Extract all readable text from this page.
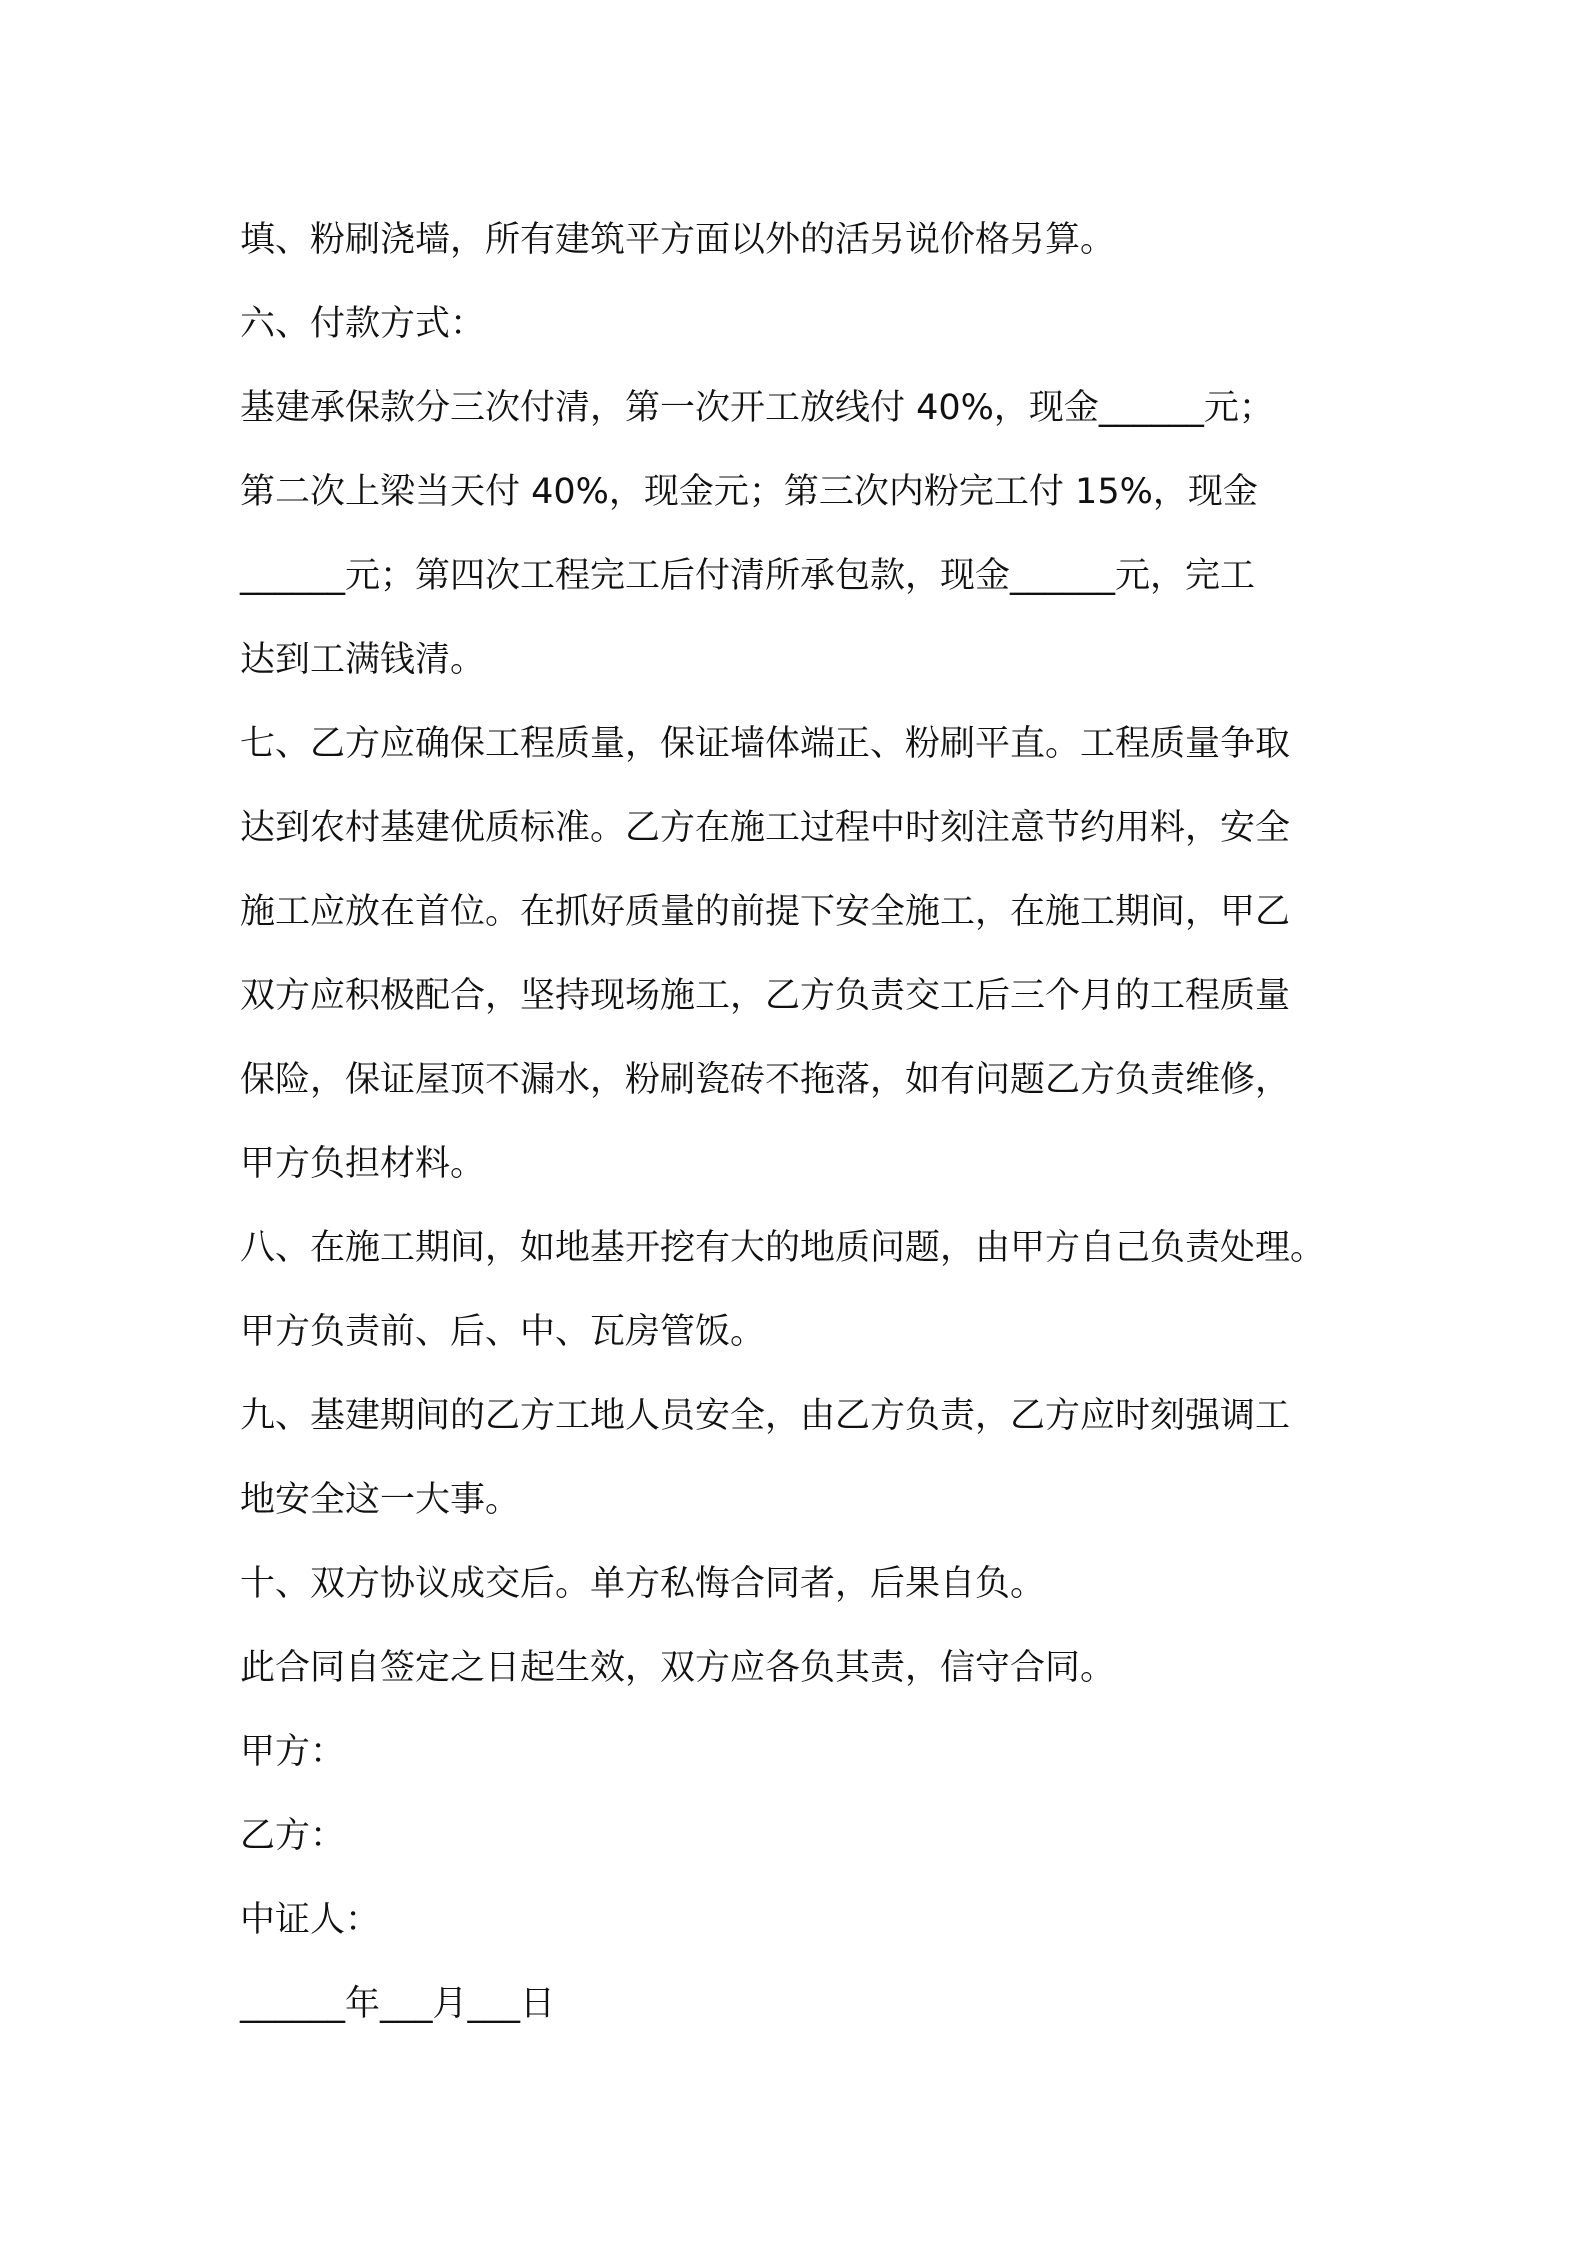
填、粉刷浇墙，所有建筑平方面以外的活另说价格另算。

六、付款方式：

基建承保款分三次付清，第一次开工放线付 40%，现金______元；

第二次上梁当天付 40%，现金元；第三次内粉完工付 15%，现金

______元；第四次工程完工后付清所承包款，现金______元，完工

达到工满钱清。

七、乙方应确保工程质量，保证墙体端正、粉刷平直。工程质量争取

达到农村基建优质标准。乙方在施工过程中时刻注意节约用料，安全

施工应放在首位。在抓好质量的前提下安全施工，在施工期间，甲乙

双方应积极配合，坚持现场施工，乙方负责交工后三个月的工程质量

保险，保证屋顶不漏水，粉刷瓷砖不拖落，如有问题乙方负责维修，

甲方负担材料。

八、在施工期间，如地基开挖有大的地质问题，由甲方自己负责处理。

甲方负责前、后、中、瓦房管饭。

九、基建期间的乙方工地人员安全，由乙方负责，乙方应时刻强调工

地安全这一大事。

十、双方协议成交后。单方私悔合同者，后果自负。

此合同自签定之日起生效，双方应各负其责，信守合同。

甲方：

乙方：

中证人：

______年___月___日
